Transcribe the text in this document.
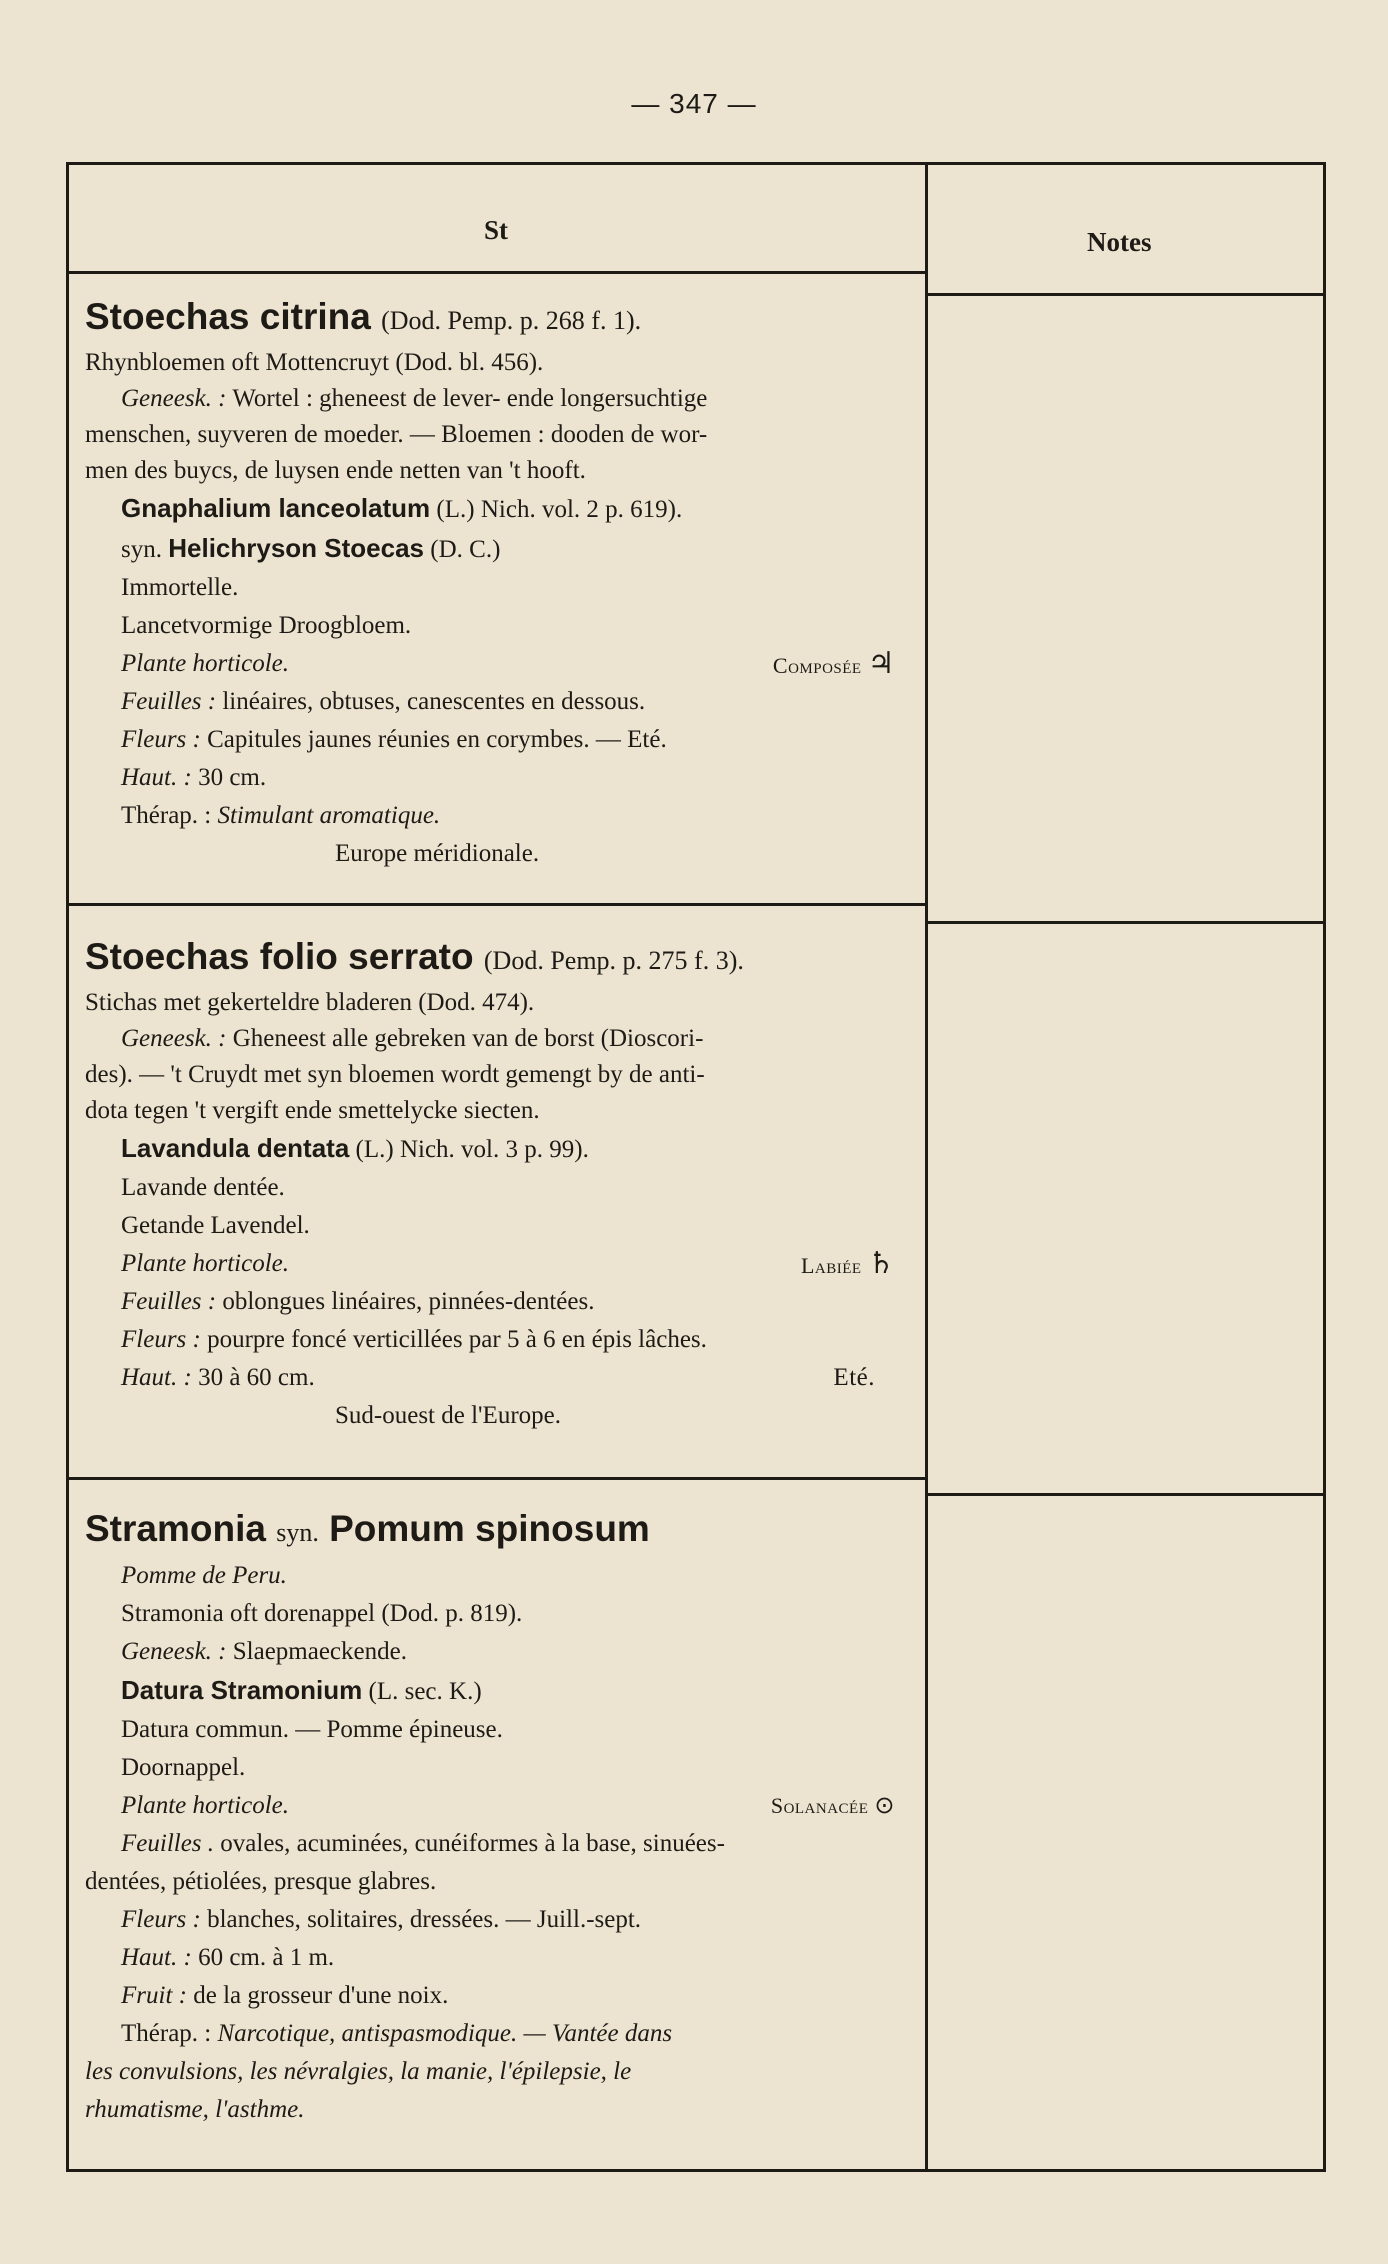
— 347 —
St	Notes
Stoechas citrina (Dod. Pemp. p. 268 f. 1).
Rhynbloemen oft Mottencruyt (Dod. bl. 456).
Geneesk. : Wortel : gheneest de lever- ende longersuchtige
menschen, suyveren de moeder. — Bloemen : dooden de wor-
men des buycs, de luysen ende netten van 't hooft.
Gnaphalium lanceolatum (L.) Nich. vol. 2 p. 619).
syn. Helichryson Stoecas (D. C.)
Immortelle.
Lancetvormige Droogbloem.
Plante horticole.	Composée ♃
Feuilles : linéaires, obtuses, canescentes en dessous.
Fleurs : Capitules jaunes réunies en corymbes. — Eté.
Haut. : 30 cm.
Thérap. : Stimulant aromatique.
Europe méridionale.
Stoechas folio serrato (Dod. Pemp. p. 275 f. 3).
Stichas met gekerteldre bladeren (Dod. 474).
Geneesk. : Gheneest alle gebreken van de borst (Dioscori-
des). — 't Cruydt met syn bloemen wordt gemengt by de anti-
dota tegen 't vergift ende smettelycke siecten.
Lavandula dentata (L.) Nich. vol. 3 p. 99).
Lavande dentée.
Getande Lavendel.
Plante horticole.	Labiée ♄
Feuilles : oblongues linéaires, pinnées-dentées.
Fleurs : pourpre foncé verticillées par 5 à 6 en épis lâches.
Haut. : 30 à 60 cm.	Eté.
Sud-ouest de l'Europe.
Stramonia syn. Pomum spinosum
Pomme de Peru.
Stramonia oft dorenappel (Dod. p. 819).
Geneesk. : Slaepmaeckende.
Datura Stramonium (L. sec. K.)
Datura commun. — Pomme épineuse.
Doornappel.
Plante horticole.	Solanacée ⊙
Feuilles . ovales, acuminées, cunéiformes à la base, sinuées-
dentées, pétiolées, presque glabres.
Fleurs : blanches, solitaires, dressées. — Juill.-sept.
Haut. : 60 cm. à 1 m.
Fruit : de la grosseur d'une noix.
Thérap. : Narcotique, antispasmodique. — Vantée dans
les convulsions, les névralgies, la manie, l'épilepsie, le
rhumatisme, l'asthme.
